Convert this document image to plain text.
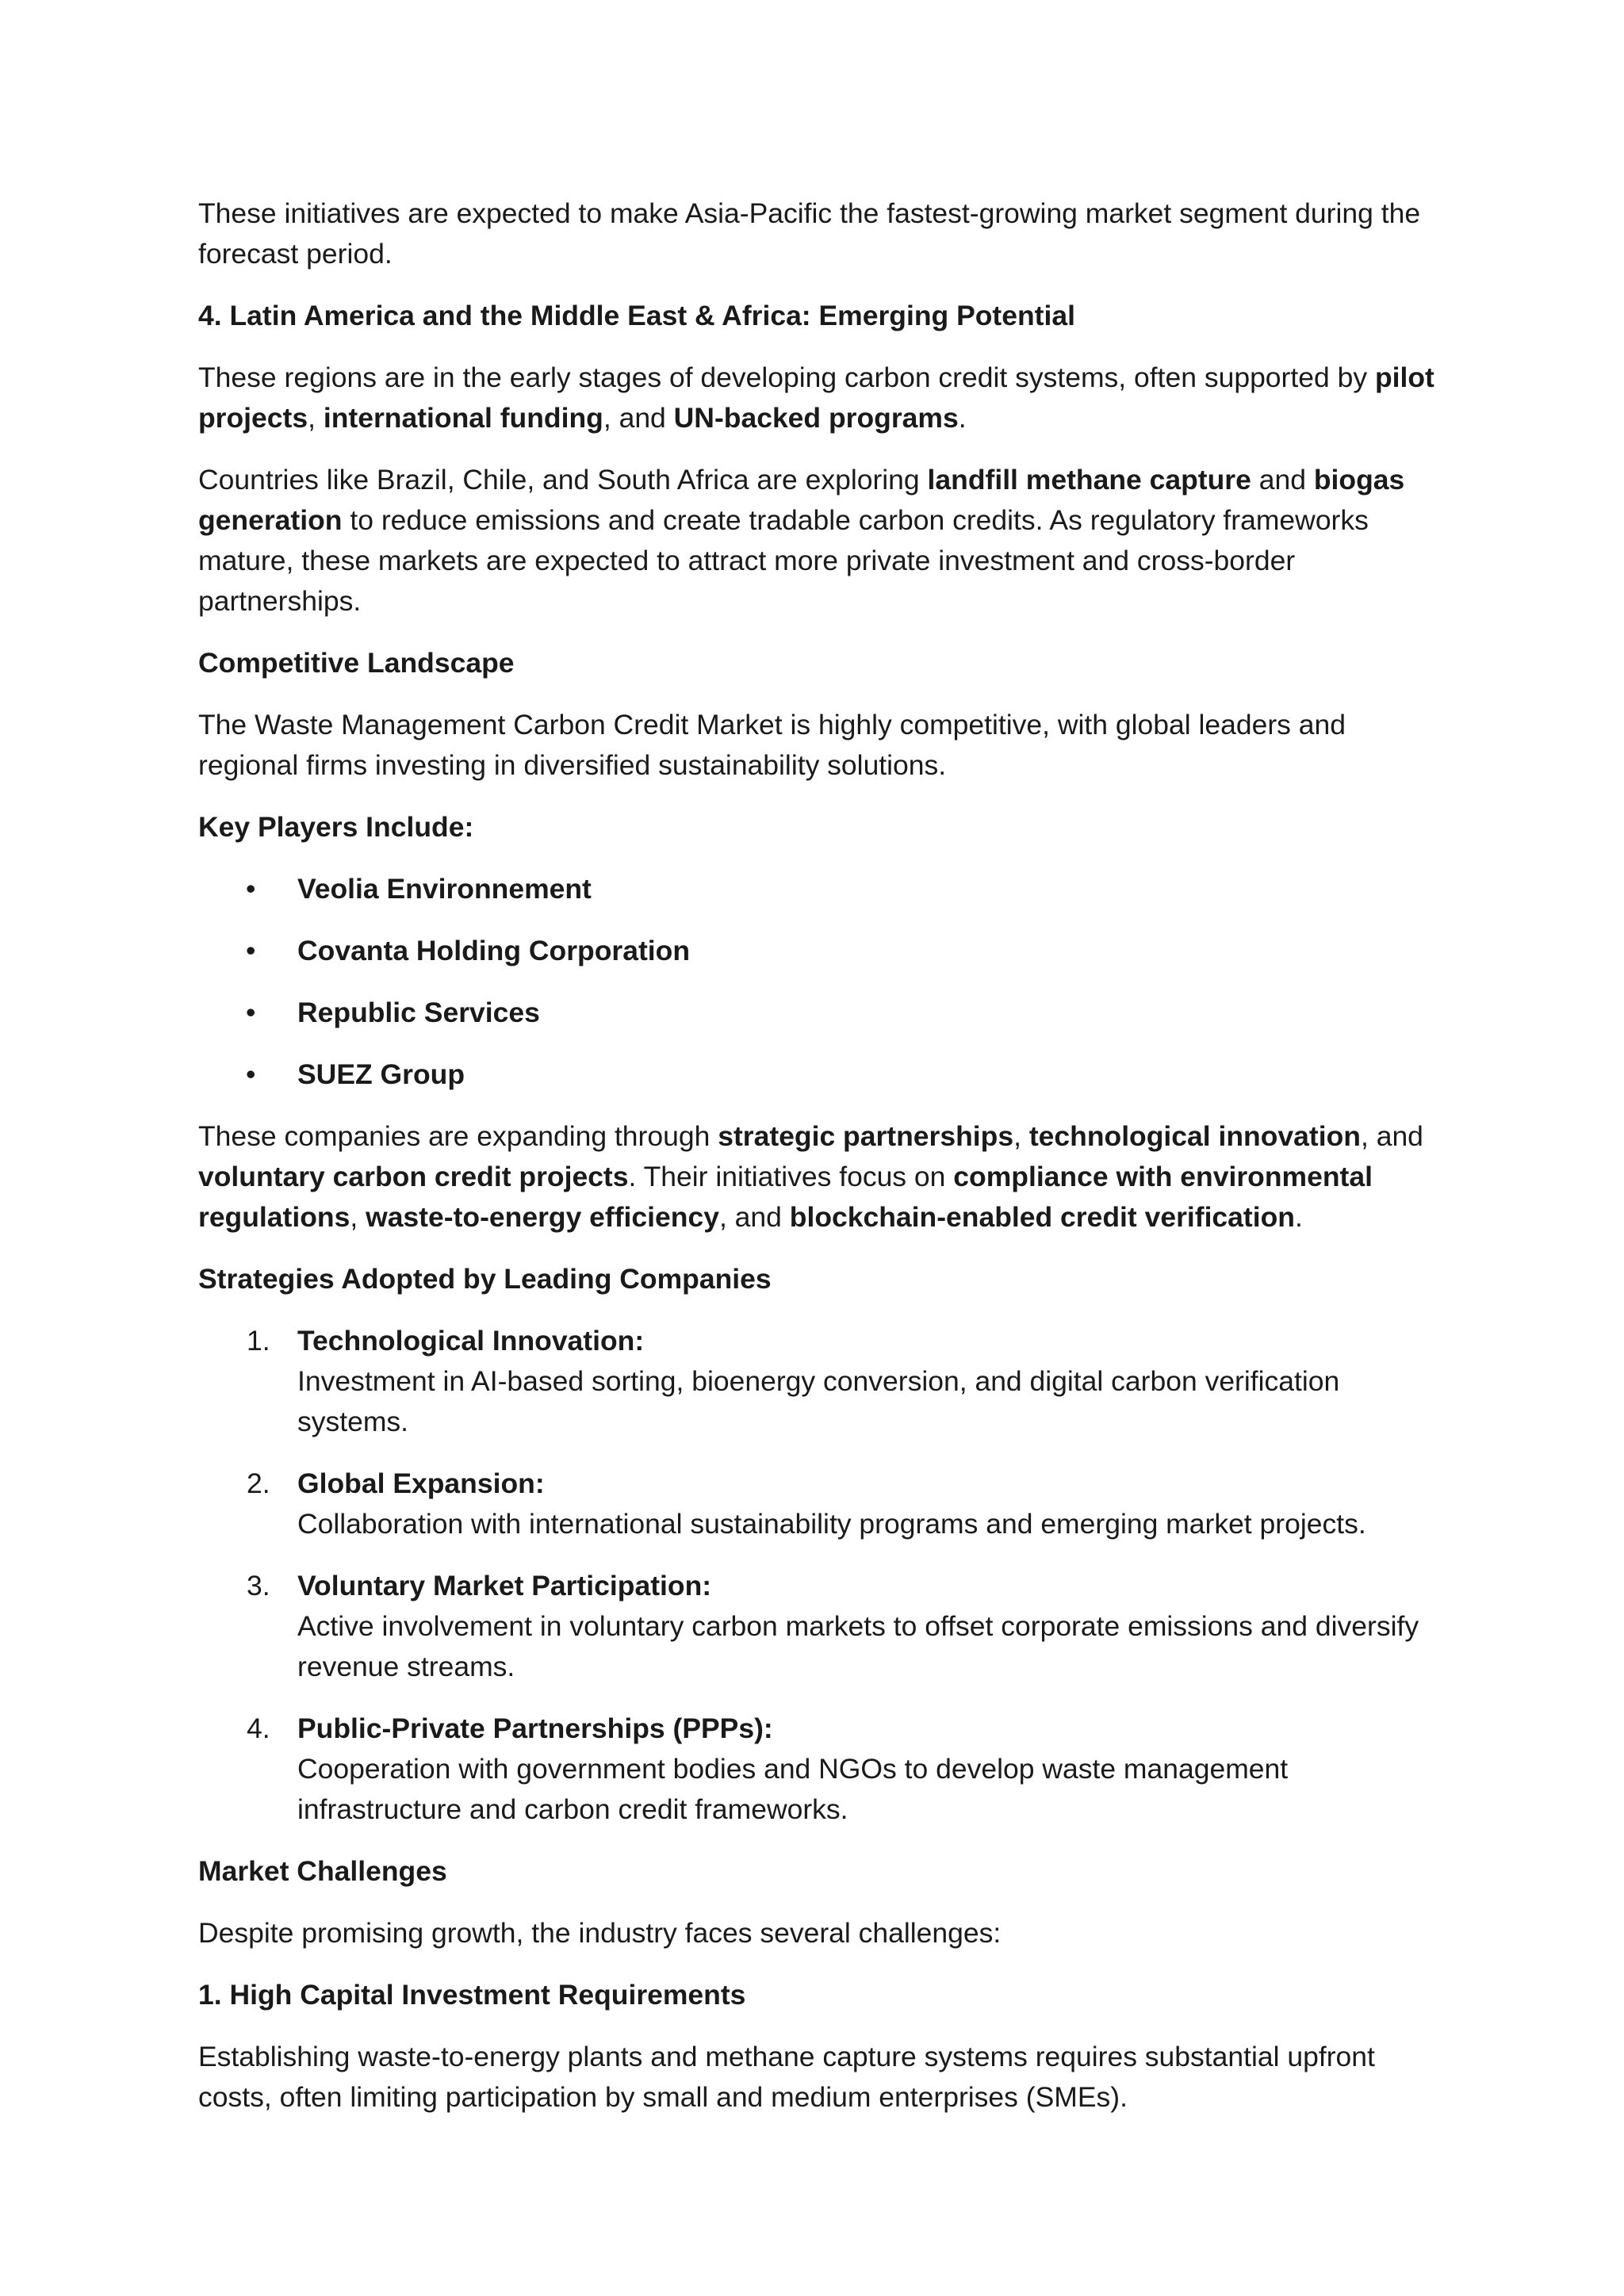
These initiatives are expected to make Asia-Pacific the fastest-growing market segment during the forecast period.

4. Latin America and the Middle East & Africa: Emerging Potential

These regions are in the early stages of developing carbon credit systems, often supported by pilot projects, international funding, and UN-backed programs.

Countries like Brazil, Chile, and South Africa are exploring landfill methane capture and biogas generation to reduce emissions and create tradable carbon credits. As regulatory frameworks mature, these markets are expected to attract more private investment and cross-border partnerships.

Competitive Landscape

The Waste Management Carbon Credit Market is highly competitive, with global leaders and regional firms investing in diversified sustainability solutions.

Key Players Include:

• Veolia Environnement
• Covanta Holding Corporation
• Republic Services
• SUEZ Group

These companies are expanding through strategic partnerships, technological innovation, and voluntary carbon credit projects. Their initiatives focus on compliance with environmental regulations, waste-to-energy efficiency, and blockchain-enabled credit verification.

Strategies Adopted by Leading Companies

1. Technological Innovation:
Investment in AI-based sorting, bioenergy conversion, and digital carbon verification systems.
2. Global Expansion:
Collaboration with international sustainability programs and emerging market projects.
3. Voluntary Market Participation:
Active involvement in voluntary carbon markets to offset corporate emissions and diversify revenue streams.
4. Public-Private Partnerships (PPPs):
Cooperation with government bodies and NGOs to develop waste management infrastructure and carbon credit frameworks.

Market Challenges

Despite promising growth, the industry faces several challenges:

1. High Capital Investment Requirements

Establishing waste-to-energy plants and methane capture systems requires substantial upfront costs, often limiting participation by small and medium enterprises (SMEs).
